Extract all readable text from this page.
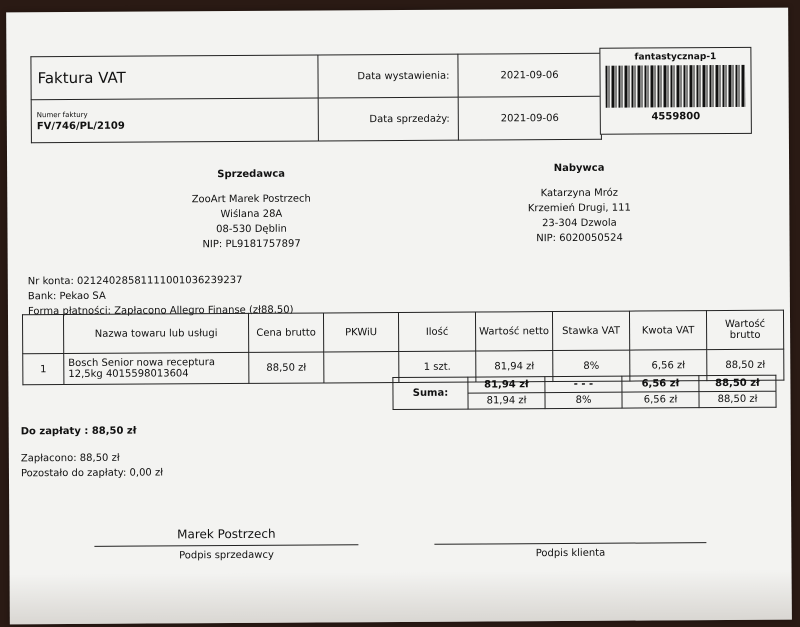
Faktura VAT	Data wystawienia:	2021-09-06

Numer faktury
FV/746/PL/2109	Data sprzedaży:	2021-09-06
fantastycznap-1
4559800
Sprzedawca
ZooArt Marek Postrzech
Wiślana 28A
08-530 Dęblin
NIP: PL9181757897
Nabywca
Katarzyna Mróz
Krzemień Drugi, 111
23-304 Dzwola
NIP: 6020050524
Nr konta: 02124028581111001036239237
Bank: Pekao SA
Forma płatności: Zapłacono Allegro Finanse (zł88.50)
	Nazwa towaru lub usługi	Cena brutto	PKWiU	Ilość	Wartość netto	Stawka VAT	Kwota VAT	Wartość brutto
1	Bosch Senior nowa receptura 12,5kg 4015598013604	88,50 zł		1 szt.	81,94 zł	8%	6,56 zł	88,50 zł
Suma:	81,94 zł	- - -	6,56 zł	88,50 zł
	81,94 zł	8%	6,56 zł	88,50 zł
Do zapłaty : 88,50 zł
Zapłacono: 88,50 zł
Pozostało do zapłaty: 0,00 zł
Marek Postrzech
Podpis sprzedawcy	Podpis klienta
